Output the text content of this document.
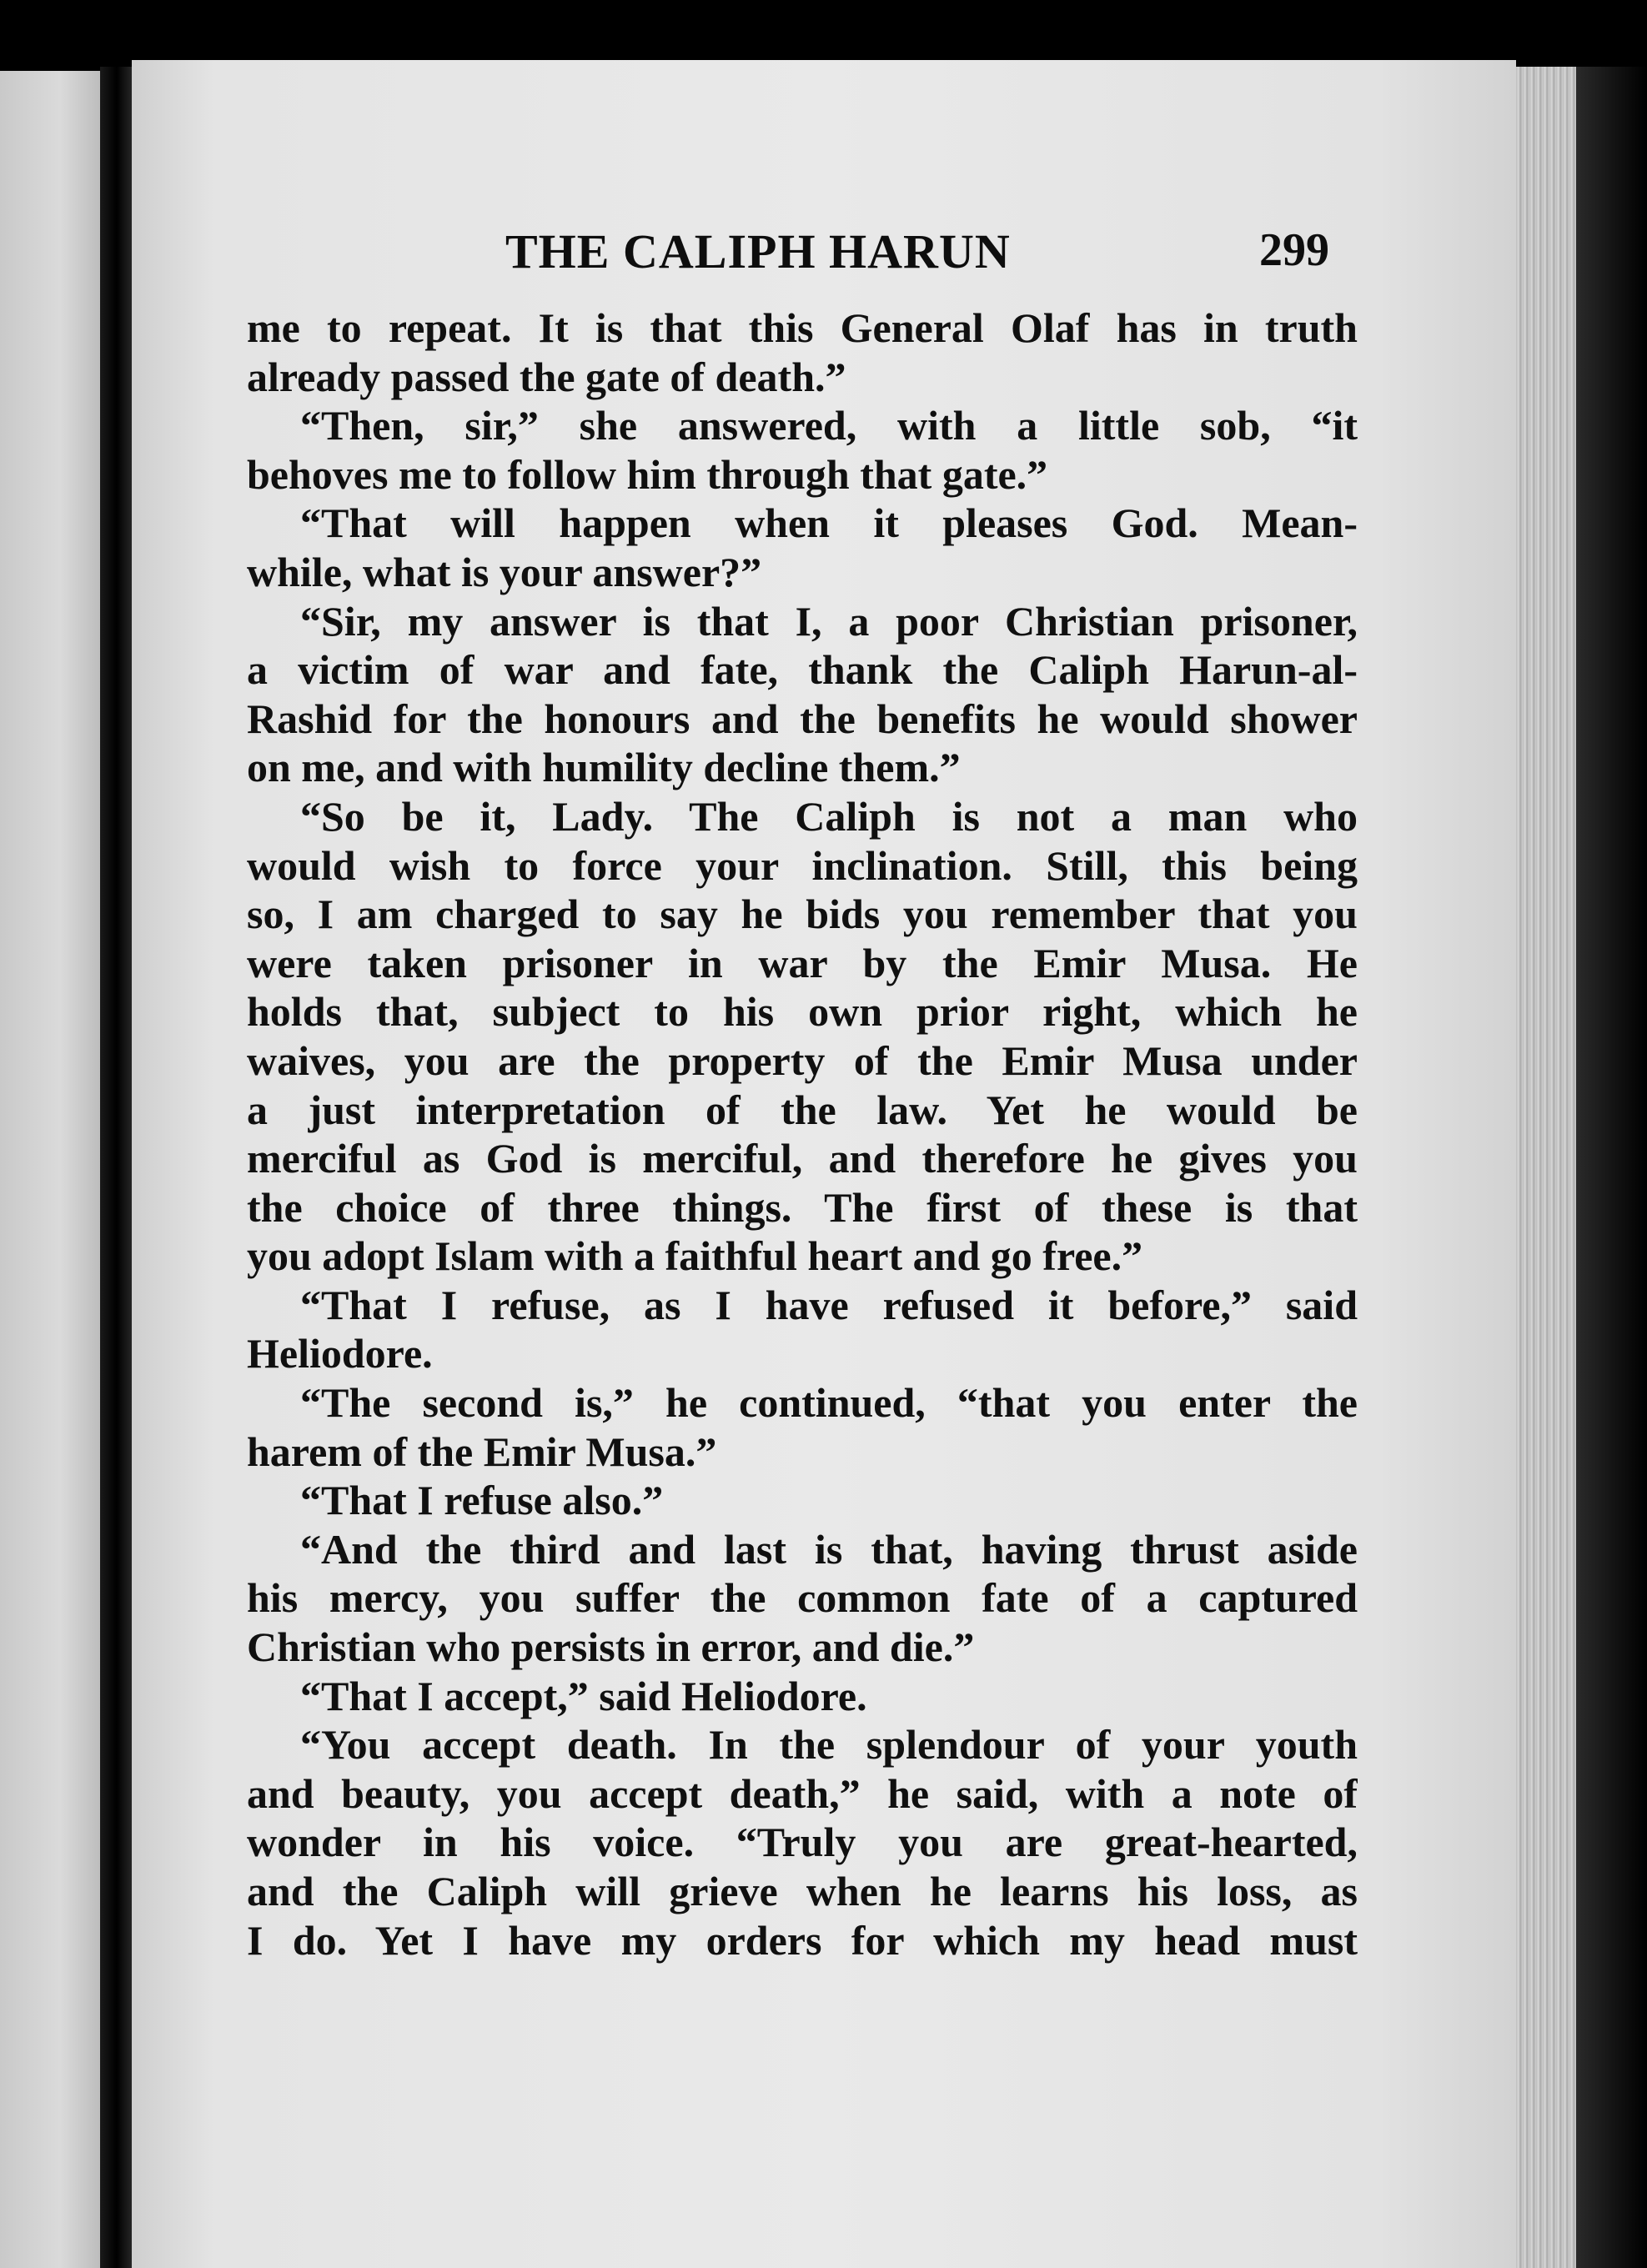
THE CALIPH HARUN	299
me to repeat. It is that this General Olaf has in truth
already passed the gate of death.”
“Then, sir,” she answered, with a little sob, “it
behoves me to follow him through that gate.”
“That will happen when it pleases God. Mean-
while, what is your answer?”
“Sir, my answer is that I, a poor Christian prisoner,
a victim of war and fate, thank the Caliph Harun-al-
Rashid for the honours and the benefits he would shower
on me, and with humility decline them.”
“So be it, Lady. The Caliph is not a man who
would wish to force your inclination. Still, this being
so, I am charged to say he bids you remember that you
were taken prisoner in war by the Emir Musa. He
holds that, subject to his own prior right, which he
waives, you are the property of the Emir Musa under
a just interpretation of the law. Yet he would be
merciful as God is merciful, and therefore he gives you
the choice of three things. The first of these is that
you adopt Islam with a faithful heart and go free.”
“That I refuse, as I have refused it before,” said
Heliodore.
“The second is,” he continued, “that you enter the
harem of the Emir Musa.”
“That I refuse also.”
“And the third and last is that, having thrust aside
his mercy, you suffer the common fate of a captured
Christian who persists in error, and die.”
“That I accept,” said Heliodore.
“You accept death. In the splendour of your youth
and beauty, you accept death,” he said, with a note of
wonder in his voice. “Truly you are great-hearted,
and the Caliph will grieve when he learns his loss, as
I do. Yet I have my orders for which my head must
